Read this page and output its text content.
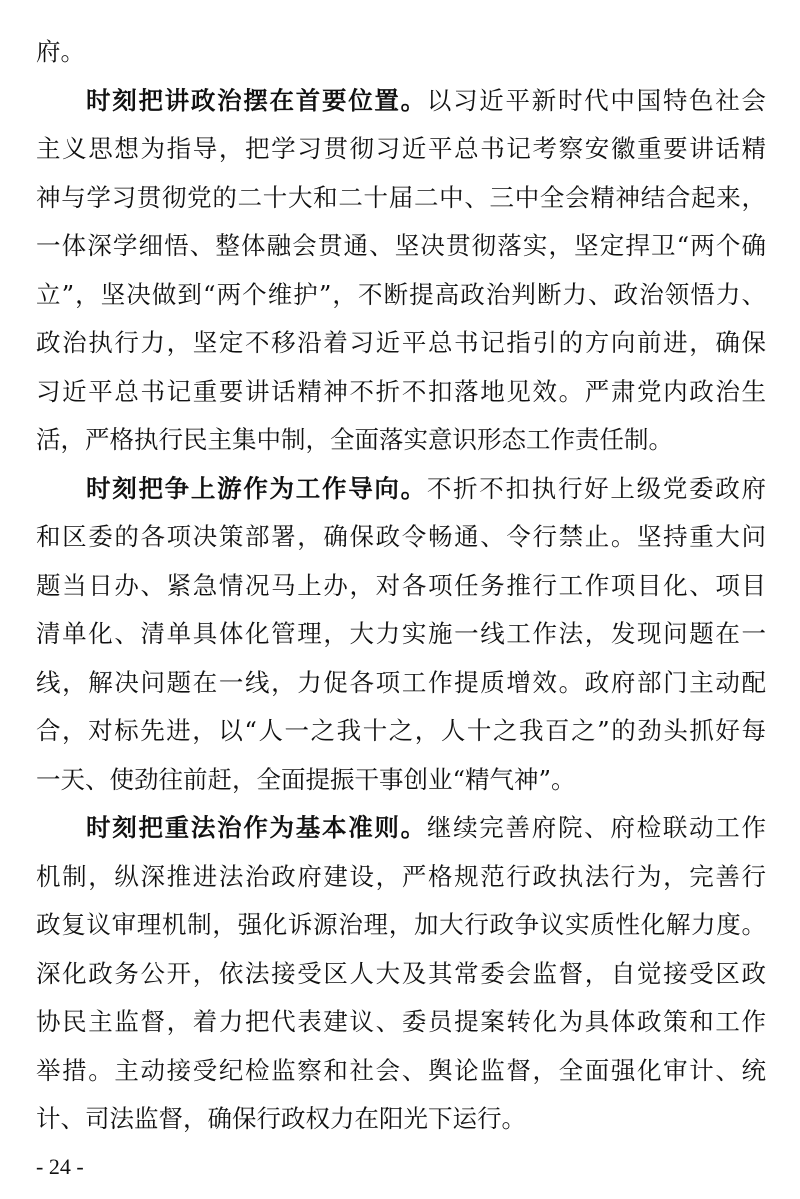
府。
时刻把讲政治摆在首要位置。以习近平新时代中国特色社会
主义思想为指导，把学习贯彻习近平总书记考察安徽重要讲话精
神与学习贯彻党的二十大和二十届二中、三中全会精神结合起来，
一体深学细悟、整体融会贯通、坚决贯彻落实，坚定捍卫“两个确
立”，坚决做到“两个维护”，不断提高政治判断力、政治领悟力、
政治执行力，坚定不移沿着习近平总书记指引的方向前进，确保
习近平总书记重要讲话精神不折不扣落地见效。严肃党内政治生
活，严格执行民主集中制，全面落实意识形态工作责任制。
时刻把争上游作为工作导向。不折不扣执行好上级党委政府
和区委的各项决策部署，确保政令畅通、令行禁止。坚持重大问
题当日办、紧急情况马上办，对各项任务推行工作项目化、项目
清单化、清单具体化管理，大力实施一线工作法，发现问题在一
线，解决问题在一线，力促各项工作提质增效。政府部门主动配
合，对标先进，以“人一之我十之，人十之我百之”的劲头抓好每
一天、使劲往前赶，全面提振干事创业“精气神”。
时刻把重法治作为基本准则。继续完善府院、府检联动工作
机制，纵深推进法治政府建设，严格规范行政执法行为，完善行
政复议审理机制，强化诉源治理，加大行政争议实质性化解力度。
深化政务公开，依法接受区人大及其常委会监督，自觉接受区政
协民主监督，着力把代表建议、委员提案转化为具体政策和工作
举措。主动接受纪检监察和社会、舆论监督，全面强化审计、统
计、司法监督，确保行政权力在阳光下运行。
- 24 -
